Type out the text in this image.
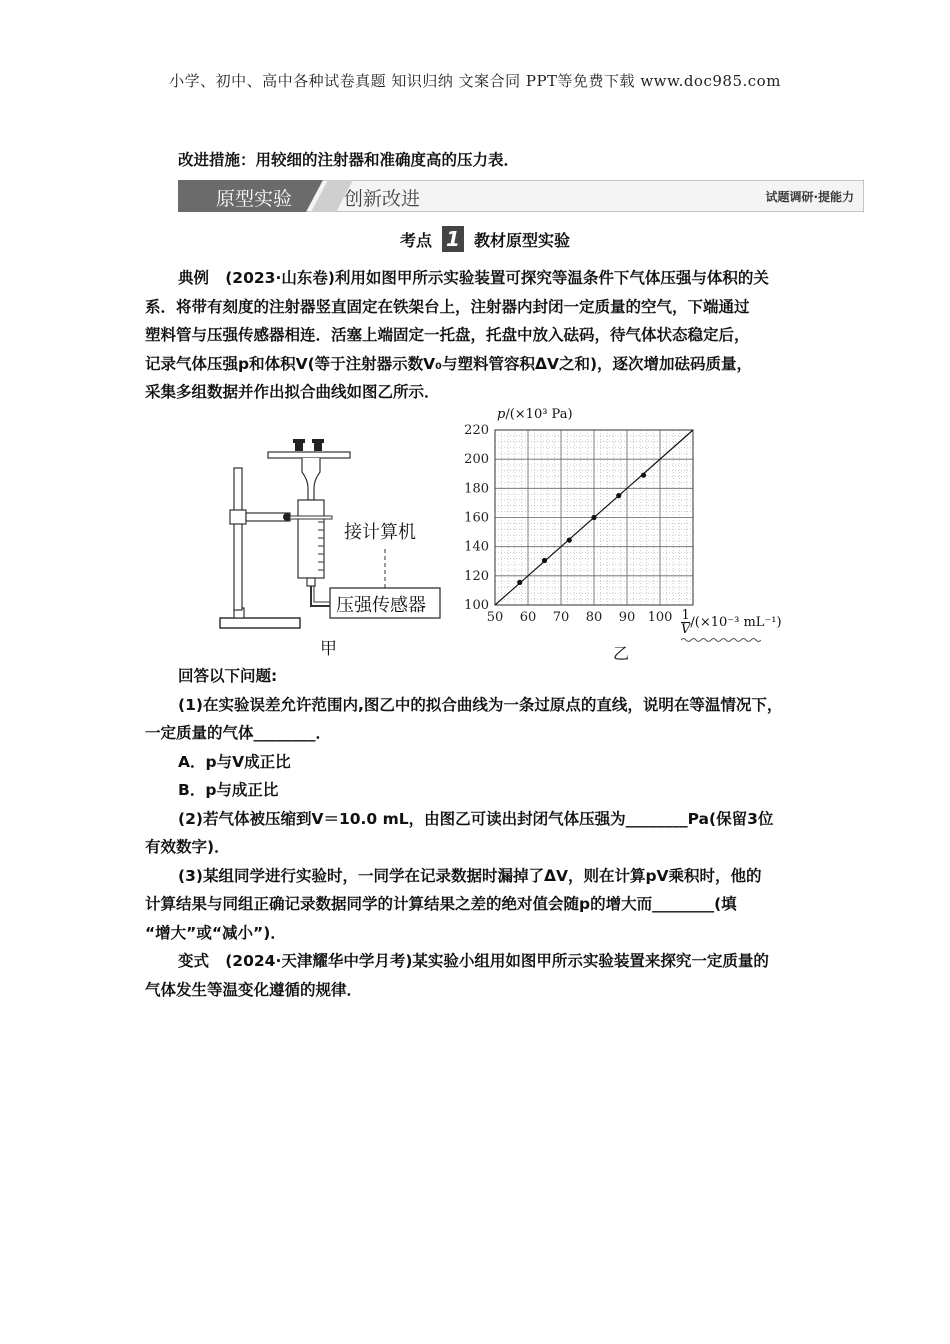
小学、初中、高中各种试卷真题 知识归纳 文案合同 PPT等免费下载 www.doc985.com
改进措施：用较细的注射器和准确度高的压力表．
原型实验	创新改进	试题调研·提能力
考点 1 教材原型实验
典例 (2023·山东卷)利用如图甲所示实验装置可探究等温条件下气体压强与体积的关
系．将带有刻度的注射器竖直固定在铁架台上，注射器内封闭一定质量的空气，下端通过
塑料管与压强传感器相连．活塞上端固定一托盘，托盘中放入砝码，待气体状态稳定后，
记录气体压强p和体积V(等于注射器示数V₀与塑料管容积ΔV之和)，逐次增加砝码质量，
采集多组数据并作出拟合曲线如图乙所示．
接计算机
压强传感器
甲
50 60 70 80 90 100
100
120
140
160
180
200
220
p/(×10³ Pa)
$\frac{1}{V} /(\times 10^{-3}$ mL⁻¹)
乙
回答以下问题:
(1)在实验误差允许范围内,图乙中的拟合曲线为一条过原点的直线，说明在等温情况下，
一定质量的气体________．
A．p与V成正比
B．p与成正比
(2)若气体被压缩到V＝10.0 mL，由图乙可读出封闭气体压强为________Pa(保留3位
有效数字)．
(3)某组同学进行实验时，一同学在记录数据时漏掉了ΔV，则在计算pV乘积时，他的
计算结果与同组正确记录数据同学的计算结果之差的绝对值会随p的增大而________(填
“增大”或“减小”)．
变式 (2024·天津耀华中学月考)某实验小组用如图甲所示实验装置来探究一定质量的
气体发生等温变化遵循的规律．
